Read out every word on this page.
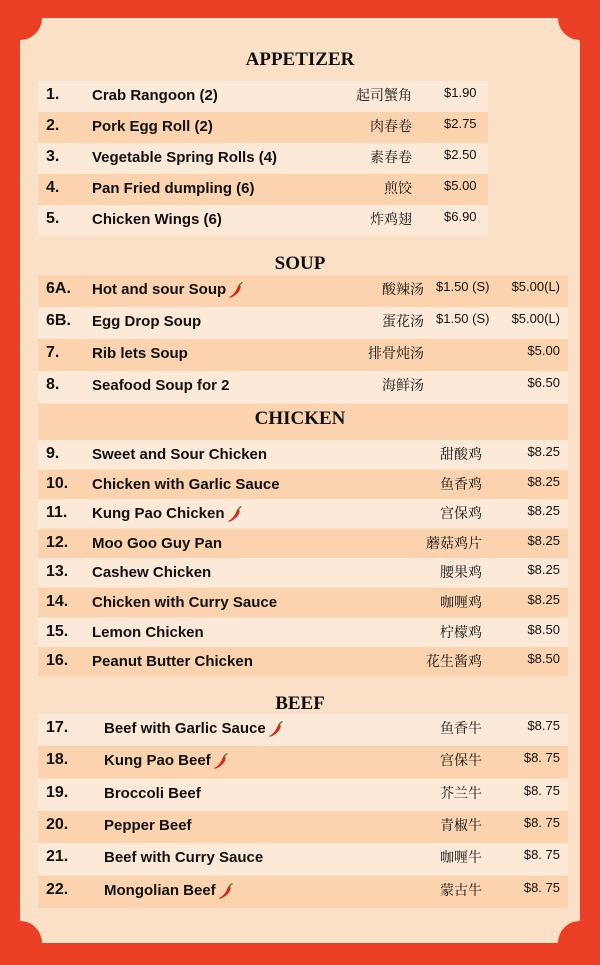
APPETIZER
SOUP
CHICKEN
BEEF
1. Crab Rangoon (2)	起司蟹角 $1.90
2. Pork Egg Roll (2)	肉春卷 $2.75
3. Vegetable Spring Rolls (4)	素春卷 $2.50
4. Pan Fried dumpling (6)	煎饺 $5.00
5. Chicken Wings (6)	炸鸡翅 $6.90
6A. Hot and sour Soup	酸辣汤 $1.50 (S) $5.00(L)
6B. Egg Drop Soup	蛋花汤 $1.50 (S) $5.00(L)
7. Rib lets Soup	排骨炖汤	$5.00
8. Seafood Soup for 2	海鲜汤	$6.50
9. Sweet and Sour Chicken	甜酸鸡	$8.25
10. Chicken with Garlic Sauce	鱼香鸡	$8.25
11. Kung Pao Chicken	宫保鸡	$8.25
12. Moo Goo Guy Pan	蘑菇鸡片	$8.25
13. Cashew Chicken	腰果鸡	$8.25
14. Chicken with Curry Sauce	咖喱鸡	$8.25
15. Lemon Chicken	柠檬鸡	$8.50
16. Peanut Butter Chicken	花生酱鸡	$8.50
17. Beef with Garlic Sauce	鱼香牛	$8.75
18. Kung Pao Beef	宫保牛	$8. 75
19. Broccoli Beef	芥兰牛	$8. 75
20. Pepper Beef	青椒牛	$8. 75
21. Beef with Curry Sauce	咖喱牛	$8. 75
22. Mongolian Beef	蒙古牛	$8. 75
